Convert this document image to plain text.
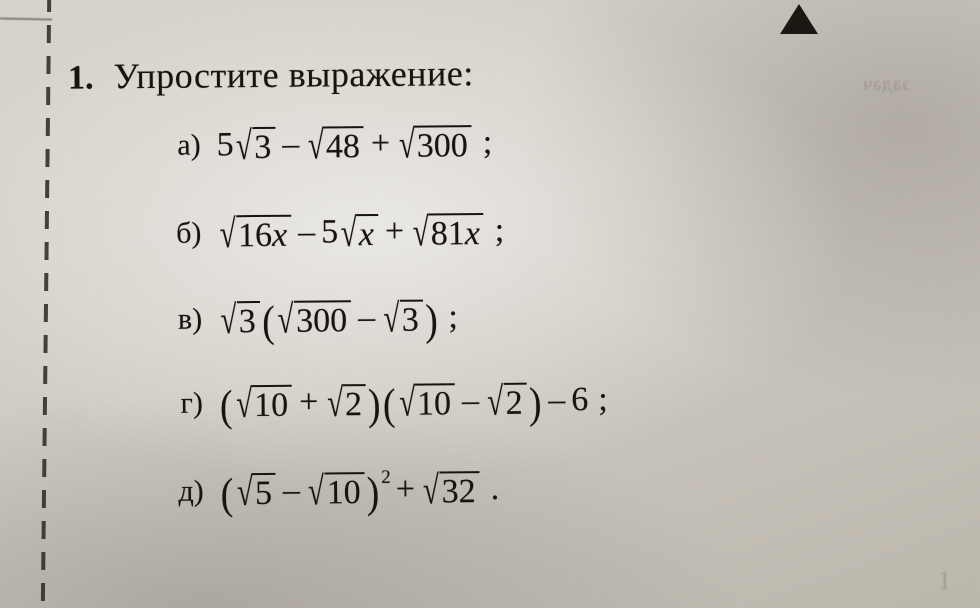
задач
1
1. Упростите выражение:
а) 5 √ 3 – √ 48 + √ 300 ;
б) √ 16x – 5 √ x + √ 81x ;
в) √ 3 ( √ 300 – √ 3 ) ;
г) ( √ 10 + √ 2 ) ( √ 10 – √ 2 ) – 6 ;
д) ( √ 5 – √ 10 ) 2 + √ 32 .
